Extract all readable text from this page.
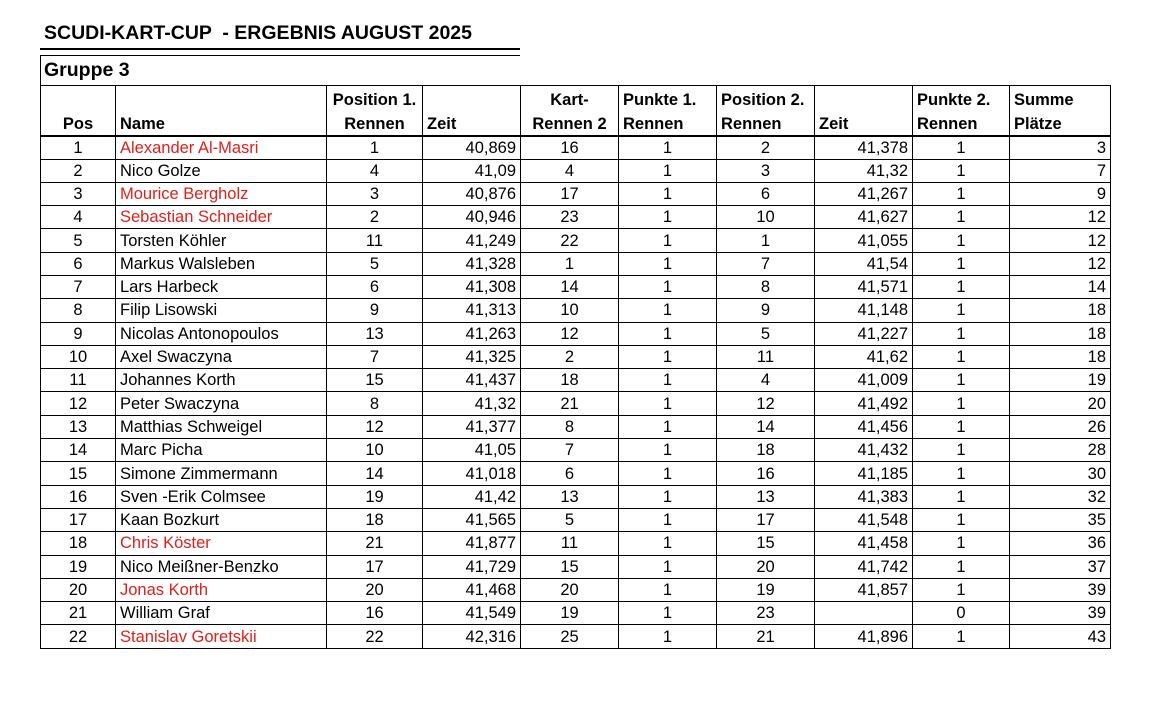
SCUDI-KART-CUP  - ERGEBNIS AUGUST 2025
Gruppe 3
		Position 1.		Kart-	Punkte 1.	Position 2.		Punkte 2.	Summe
Pos	Name	Rennen	Zeit	Rennen 2	Rennen	Rennen	Zeit	Rennen	Plätze
1	Alexander Al-Masri	1	40,869	16	1	2	41,378	1	3
2	Nico Golze	4	41,09	4	1	3	41,32	1	7
3	Mourice Bergholz	3	40,876	17	1	6	41,267	1	9
4	Sebastian Schneider	2	40,946	23	1	10	41,627	1	12
5	Torsten Köhler	11	41,249	22	1	1	41,055	1	12
6	Markus Walsleben	5	41,328	1	1	7	41,54	1	12
7	Lars Harbeck	6	41,308	14	1	8	41,571	1	14
8	Filip Lisowski	9	41,313	10	1	9	41,148	1	18
9	Nicolas Antonopoulos	13	41,263	12	1	5	41,227	1	18
10	Axel Swaczyna	7	41,325	2	1	11	41,62	1	18
11	Johannes Korth	15	41,437	18	1	4	41,009	1	19
12	Peter Swaczyna	8	41,32	21	1	12	41,492	1	20
13	Matthias Schweigel	12	41,377	8	1	14	41,456	1	26
14	Marc Picha	10	41,05	7	1	18	41,432	1	28
15	Simone Zimmermann	14	41,018	6	1	16	41,185	1	30
16	Sven -Erik Colmsee	19	41,42	13	1	13	41,383	1	32
17	Kaan Bozkurt	18	41,565	5	1	17	41,548	1	35
18	Chris Köster	21	41,877	11	1	15	41,458	1	36
19	Nico Meißner-Benzko	17	41,729	15	1	20	41,742	1	37
20	Jonas Korth	20	41,468	20	1	19	41,857	1	39
21	William Graf	16	41,549	19	1	23		0	39
22	Stanislav Goretskii	22	42,316	25	1	21	41,896	1	43
